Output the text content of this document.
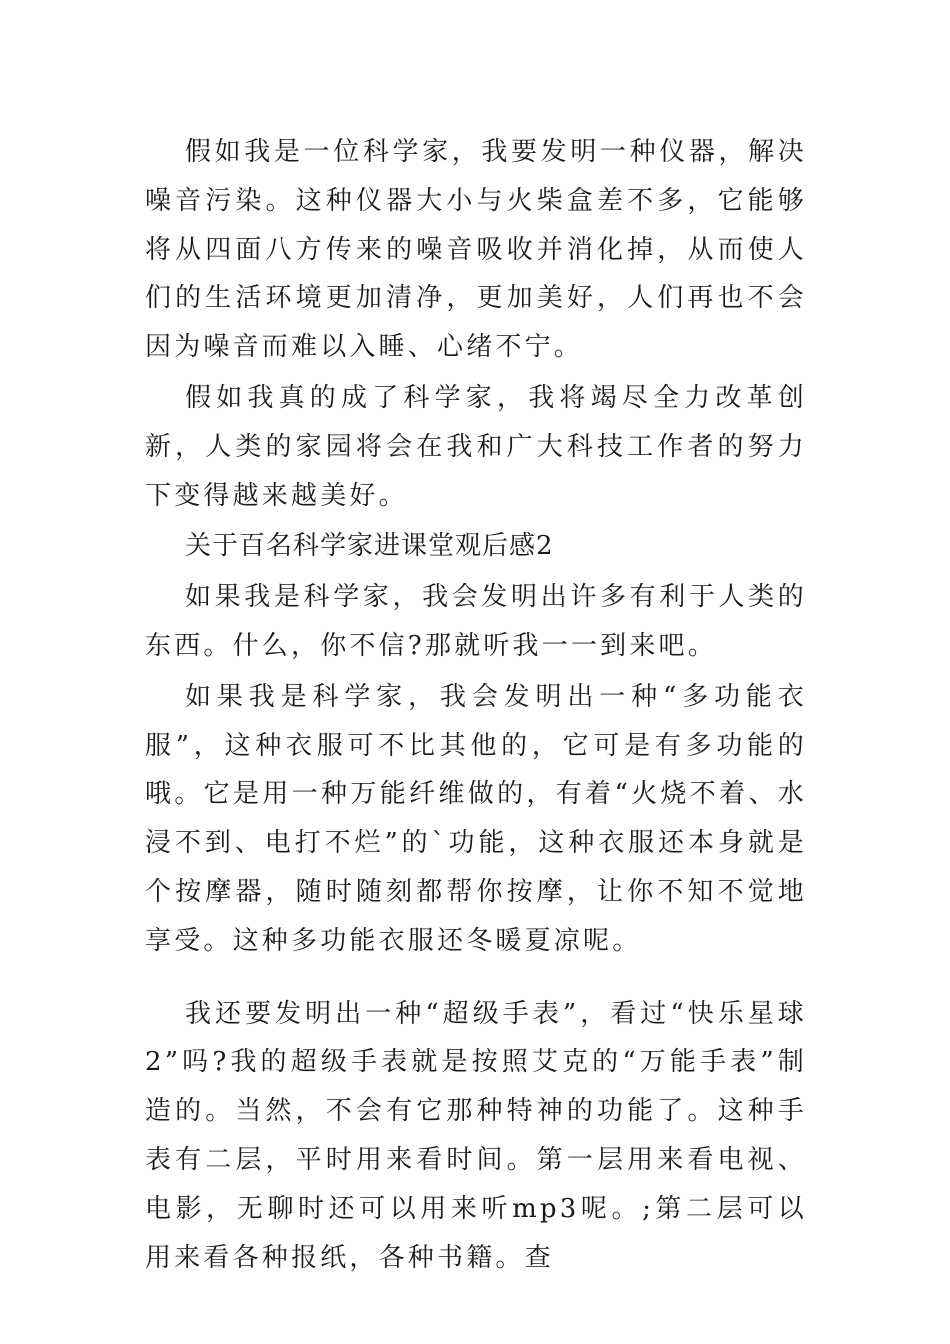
假如我是一位科学家，我要发明一种仪器，解决噪音污染。这种仪器大小与火柴盒差不多，它能够将从四面八方传来的噪音吸收并消化掉，从而使人们的生活环境更加清净，更加美好，人们再也不会因为噪音而难以入睡、心绪不宁。

假如我真的成了科学家，我将竭尽全力改革创新，人类的家园将会在我和广大科技工作者的努力下变得越来越美好。

关于百名科学家进课堂观后感2

如果我是科学家，我会发明出许多有利于人类的东西。什么，你不信?那就听我一一到来吧。

如果我是科学家，我会发明出一种“多功能衣服”，这种衣服可不比其他的，它可是有多功能的哦。它是用一种万能纤维做的，有着“火烧不着、水浸不到、电打不烂”的`功能，这种衣服还本身就是个按摩器，随时随刻都帮你按摩，让你不知不觉地享受。这种多功能衣服还冬暖夏凉呢。

我还要发明出一种“超级手表”，看过“快乐星球2”吗?我的超级手表就是按照艾克的“万能手表”制造的。当然，不会有它那种特神的功能了。这种手表有二层，平时用来看时间。第一层用来看电视、电影，无聊时还可以用来听mp3呢。;第二层可以用来看各种报纸，各种书籍。查
